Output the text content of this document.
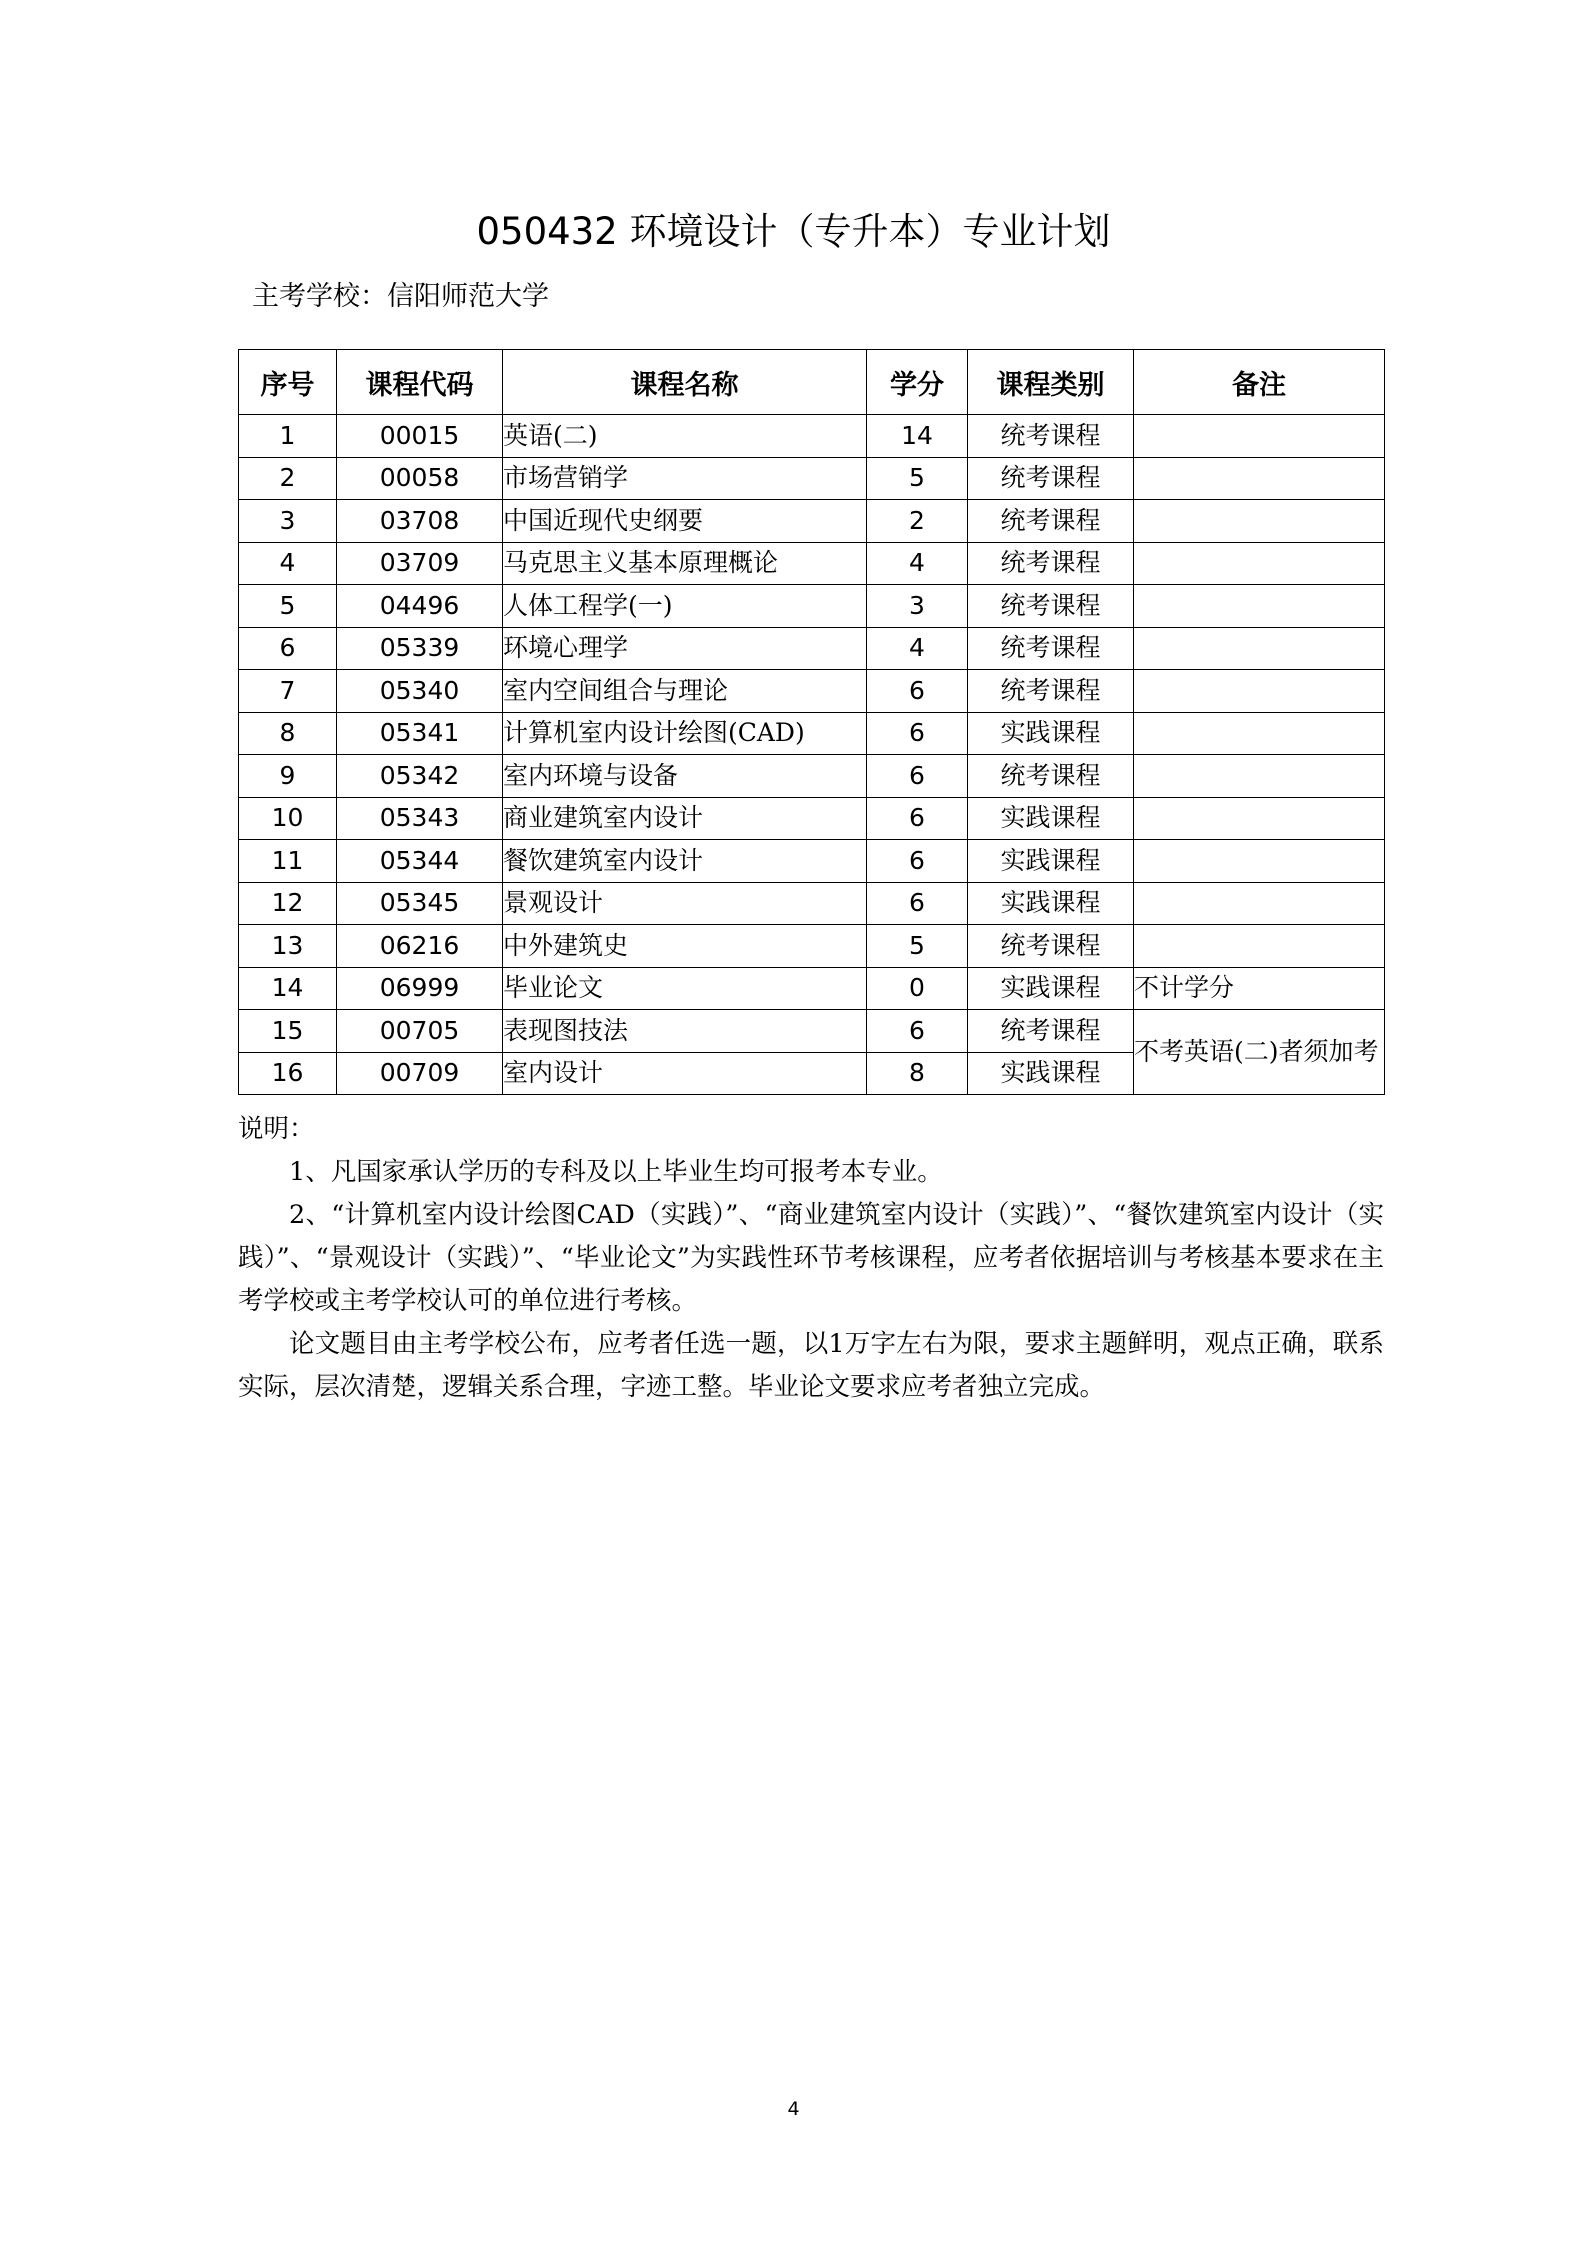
050432 环境设计（专升本）专业计划
主考学校：信阳师范大学
序号	课程代码	课程名称	学分	课程类别	备注
1	00015	英语(二)	14	统考课程	
2	00058	市场营销学	5	统考课程	
3	03708	中国近现代史纲要	2	统考课程	
4	03709	马克思主义基本原理概论	4	统考课程	
5	04496	人体工程学(一)	3	统考课程	
6	05339	环境心理学	4	统考课程	
7	05340	室内空间组合与理论	6	统考课程	
8	05341	计算机室内设计绘图(CAD)	6	实践课程	
9	05342	室内环境与设备	6	统考课程	
10	05343	商业建筑室内设计	6	实践课程	
11	05344	餐饮建筑室内设计	6	实践课程	
12	05345	景观设计	6	实践课程	
13	06216	中外建筑史	5	统考课程	
14	06999	毕业论文	0	实践课程	不计学分
15	00705	表现图技法	6	统考课程	不考英语(二)者须加考
16	00709	室内设计	8	实践课程	

说明：

1、凡国家承认学历的专科及以上毕业生均可报考本专业。

2、“计算机室内设计绘图CAD（实践）”、“商业建筑室内设计（实践）”、“餐饮建筑室内设计（实践）”、“景观设计（实践）”、“毕业论文”为实践性环节考核课程，应考者依据培训与考核基本要求在主考学校或主考学校认可的单位进行考核。

论文题目由主考学校公布，应考者任选一题，以1万字左右为限，要求主题鲜明，观点正确，联系实际，层次清楚，逻辑关系合理，字迹工整。毕业论文要求应考者独立完成。

4
